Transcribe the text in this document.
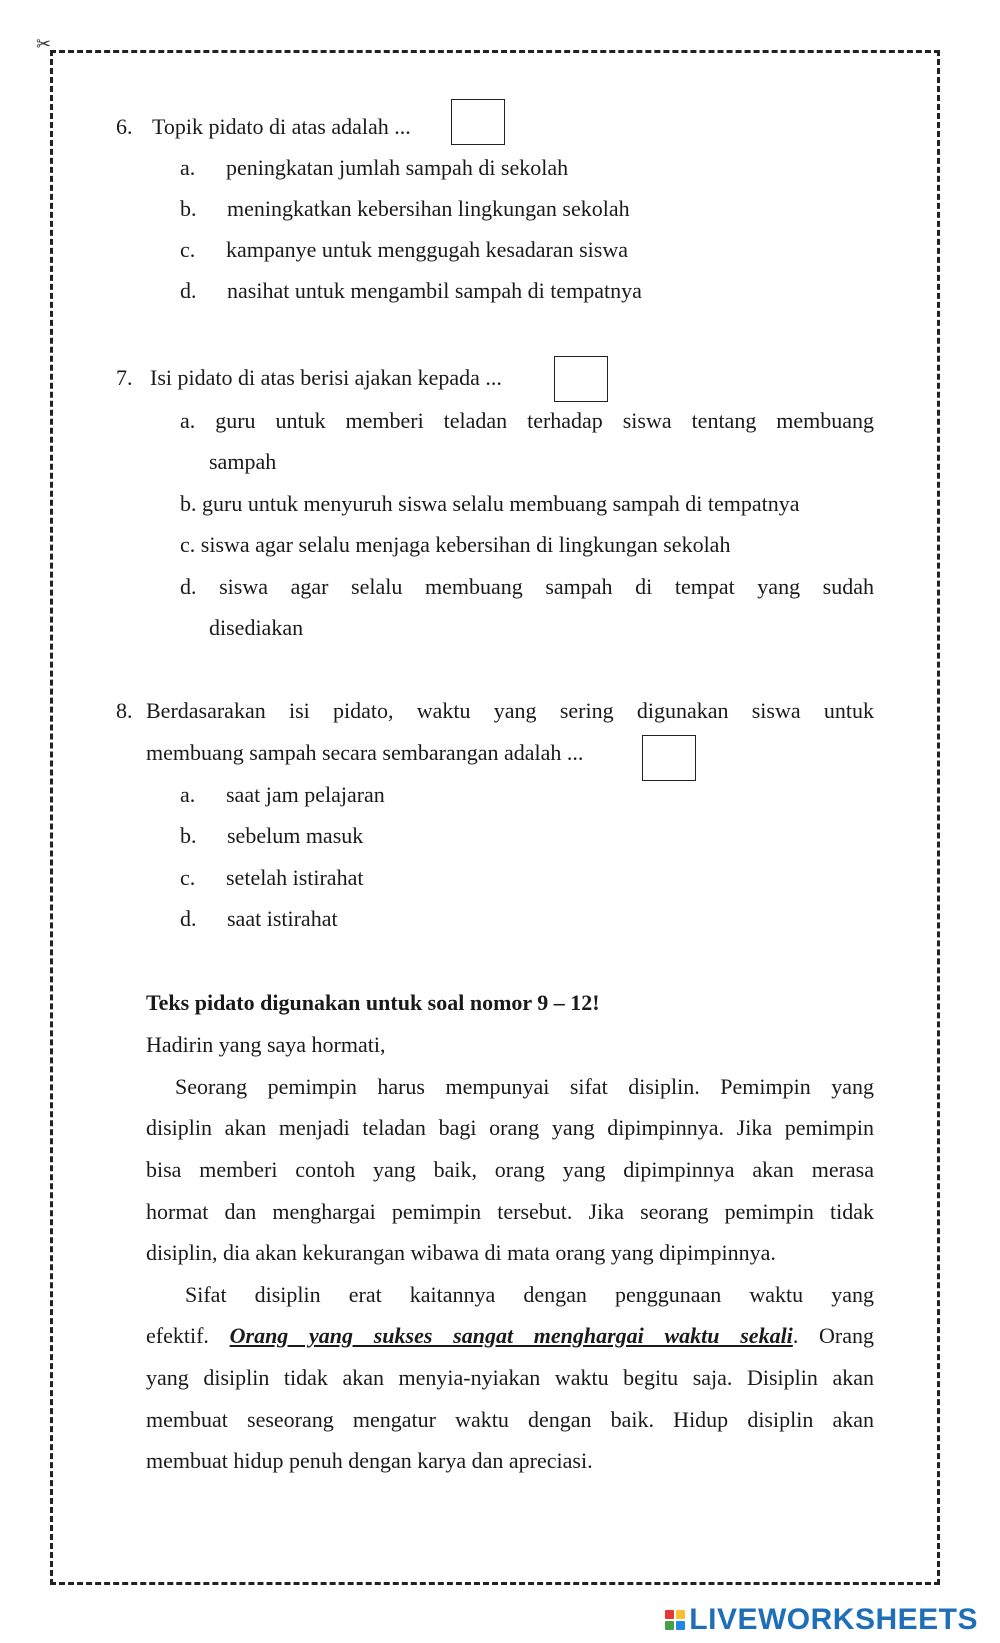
✂
6. Topik pidato di atas adalah ...
a. peningkatan jumlah sampah di sekolah
b. meningkatkan kebersihan lingkungan sekolah
c. kampanye untuk menggugah kesadaran siswa
d. nasihat untuk mengambil sampah di tempatnya
7. Isi pidato di atas berisi ajakan kepada ...
a. guru untuk memberi teladan terhadap siswa tentang membuang
sampah
b. guru untuk menyuruh siswa selalu membuang sampah di tempatnya
c. siswa agar selalu menjaga kebersihan di lingkungan sekolah
d. siswa agar selalu membuang sampah di tempat yang sudah
disediakan
8. Berdasarakan isi pidato, waktu yang sering digunakan siswa untuk
membuang sampah secara sembarangan adalah ...
a. saat jam pelajaran
b. sebelum masuk
c. setelah istirahat
d. saat istirahat
Teks pidato digunakan untuk soal nomor 9 – 12!
Hadirin yang saya hormati,
Seorang pemimpin harus mempunyai sifat disiplin. Pemimpin yang
disiplin akan menjadi teladan bagi orang yang dipimpinnya. Jika pemimpin
bisa memberi contoh yang baik, orang yang dipimpinnya akan merasa
hormat dan menghargai pemimpin tersebut. Jika seorang pemimpin tidak
disiplin, dia akan kekurangan wibawa di mata orang yang dipimpinnya.
Sifat disiplin erat kaitannya dengan penggunaan waktu yang
efektif. Orang yang sukses sangat menghargai waktu sekali. Orang
yang disiplin tidak akan menyia-nyiakan waktu begitu saja. Disiplin akan
membuat seseorang mengatur waktu dengan baik. Hidup disiplin akan
membuat hidup penuh dengan karya dan apreciasi.
LIVEWORKSHEETS
